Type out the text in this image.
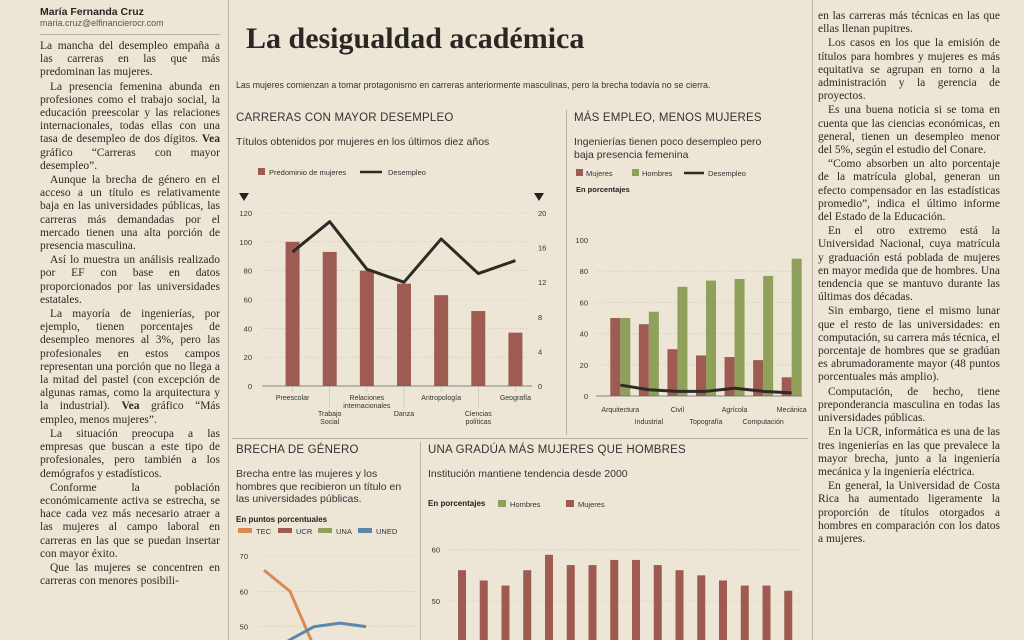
María Fernanda Cruz
maria.cruz@elfinancierocr.com

La mancha del desempleo empaña a las carreras en las que más predominan las mujeres.

La presencia femenina abunda en profesiones como el trabajo social, la educación preescolar y las relaciones internacionales, todas ellas con una tasa de desempleo de dos dígitos. Vea gráfico “Carreras con mayor desempleo”.

Aunque la brecha de género en el acceso a un título es relativamente baja en las universidades públicas, las carreras más demandadas por el mercado tienen una alta porción de presencia masculina.

Así lo muestra un análisis realizado por EF con base en datos proporcionados por las universidades estatales.

La mayoría de ingenierías, por ejemplo, tienen porcentajes de desempleo menores al 3%, pero las profesionales en estos campos representan una porción que no llega a la mitad del pastel (con excepción de algunas ramas, como la arquitectura y la industrial). Vea gráfico “Más empleo, menos mujeres”.

La situación preocupa a las empresas que buscan a este tipo de profesionales, pero también a los demógrafos y estadísticos.

Conforme la población económicamente activa se estrecha, se hace cada vez más necesario atraer a las mujeres al campo laboral en carreras en las que se puedan insertar con mayor éxito.

Que las mujeres se concentren en carreras con menores posibili-

La desigualdad académica
Las mujeres comienzan a tomar protagonismo en carreras anteriormente masculinas, pero la brecha todavía no se cierra.
CARRERAS CON MAYOR DESEMPLEO
Títulos obtenidos por mujeres en los últimos diez años
Predominio de mujeres	Desempleo
0
20
40
60
80
100
120
0
4
8
12
16
20
Preescolar
Trabajo
Social
Relaciones
internacionales
Danza
Antropología
Ciencias
políticas
Geografía
MÁS EMPLEO, MENOS MUJERES
Ingenierías tienen poco desempleo pero baja presencia femenina
Mujeres	Hombres	Desempleo
En porcentajes
0
20
40
60
80
100
Arquitectura
Industrial
Civil
Topografía
Agrícola
Computación
Mecánica
BRECHA DE GÉNERO
Brecha entre las mujeres y los hombres que recibieron un título en las universidades públicas.
En puntos porcentuales
TEC	UCR	UNA	UNED
50
60
70
UNA GRADÚA MÁS MUJERES QUE HOMBRES
Institución mantiene tendencia desde 2000
En porcentajes	Hombres	Mujeres
50
60

en las carreras más técnicas en las que ellas llenan pupitres.

Los casos en los que la emisión de títulos para hombres y mujeres es más equitativa se agrupan en torno a la administración y la gerencia de proyectos.

Es una buena noticia si se toma en cuenta que las ciencias económicas, en general, tienen un desempleo menor del 5%, según el estudio del Conare.

“Como absorben un alto porcentaje de la matrícula global, generan un efecto compensador en las estadísticas promedio”, indica el último informe del Estado de la Educación.

En el otro extremo está la Universidad Nacional, cuya matrícula y graduación está poblada de mujeres en mayor medida que de hombres. Una tendencia que se mantuvo durante las últimas dos décadas.

Sin embargo, tiene el mismo lunar que el resto de las universidades: en computación, su carrera más técnica, el porcentaje de hombres que se gradúan es abrumadoramente mayor (48 puntos porcentuales más amplio).

Computación, de hecho, tiene preponderancia masculina en todas las universidades públicas.

En la UCR, informática es una de las tres ingenierías en las que prevalece la mayor brecha, junto a la ingeniería mecánica y la ingeniería eléctrica.

En general, la Universidad de Costa Rica ha aumentado ligeramente la proporción de títulos otorgados a hombres en comparación con los datos a mujeres.
